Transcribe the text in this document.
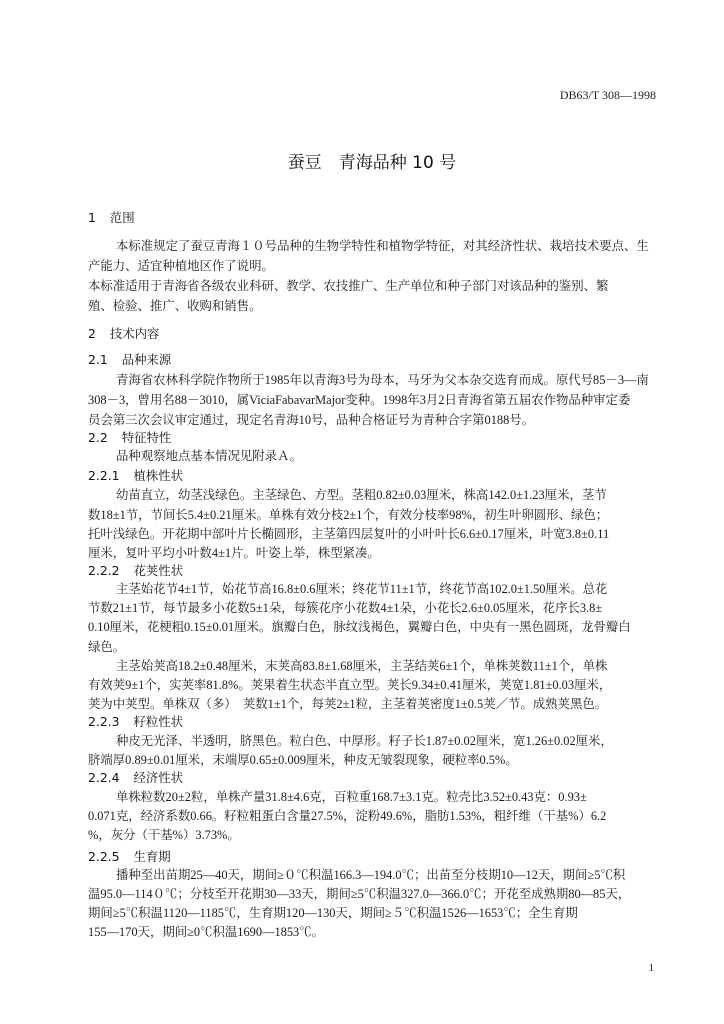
DB63/T 308—1998
蚕豆　青海品种 10 号
1 范围
本标准规定了蚕豆青海１０号品种的生物学特性和植物学特征，对其经济性状、栽培技术要点、生
产能力、适宜种植地区作了说明。
本标准适用于青海省各级农业科研、教学、农技推广、生产单位和种子部门对该品种的鉴别、繁
殖、检验、推广、收购和销售。
2 技术内容
2.1 品种来源
青海省农林科学院作物所于1985年以青海3号为母本，马牙为父本杂交选育而成。原代号85－3—南
308－3，曾用名88－3010，属ViciaFabavarMajor变种。1998年3月2日青海省第五届农作物品种审定委
员会第三次会议审定通过，现定名青海10号，品种合格证号为青种合字第0188号。
2.2 特征特性
品种观察地点基本情况见附录Ａ。
2.2.1 植株性状
幼苗直立，幼茎浅绿色。主茎绿色、方型。茎粗0.82±0.03厘米，株高142.0±1.23厘米，茎节
数18±1节，节间长5.4±0.21厘米。单株有效分枝2±1个，有效分枝率98%，初生叶卵圆形、绿色；
托叶浅绿色。开花期中部叶片长椭圆形，主茎第四层复叶的小叶叶长6.6±0.17厘米，叶宽3.8±0.11
厘米，复叶平均小叶数4±1片。叶姿上举，株型紧凑。
2.2.2 花荚性状
主茎始花节4±1节，始花节高16.8±0.6厘米；终花节11±1节，终花节高102.0±1.50厘米。总花
节数21±1节，每节最多小花数5±1朵，每簇花序小花数4±1朵，小花长2.6±0.05厘米，花序长3.8±
0.10厘米，花梗粗0.15±0.01厘米。旗瓣白色，脉纹浅褐色，翼瓣白色，中央有一黑色圆斑，龙骨瓣白
绿色。
主茎始荚高18.2±0.48厘米，末荚高83.8±1.68厘米，主茎结荚6±1个，单株荚数11±1个，单株
有效荚9±1个，实荚率81.8%。荚果着生状态半直立型。荚长9.34±0.41厘米，荚宽1.81±0.03厘米，
荚为中荚型。单株双（多）　荚数1±1个，每荚2±1粒，主茎着荚密度1±0.5荚／节。成熟荚黑色。
2.2.3 籽粒性状
种皮无光泽、半透明，脐黑色。粒白色、中厚形。籽子长1.87±0.02厘米，宽1.26±0.02厘米，
脐端厚0.89±0.01厘米，末端厚0.65±0.009厘米，种皮无皱裂现象，硬粒率0.5%。
2.2.4 经济性状
单株粒数20±2粒，单株产量31.8±4.6克，百粒重168.7±3.1克。粒壳比3.52±0.43克：0.93±
0.071克，经济系数0.66。籽粒粗蛋白含量27.5%，淀粉49.6%，脂肪1.53%，粗纤维（干基%）6.2
%，灰分（干基%）3.73%。
2.2.5 生育期
播种至出苗期25—40天，期间≥０℃积温166.3—194.0℃；出苗至分枝期10—12天，期间≥5℃积
温95.0—114０℃；分枝至开花期30—33天，期间≥5℃积温327.0—366.0℃；开花至成熟期80—85天，
期间≥5℃积温1120—1185℃，生育期120—130天，期间≥５℃积温1526—1653℃；全生育期
155—170天，期间≥0℃积温1690—1853℃。
1
